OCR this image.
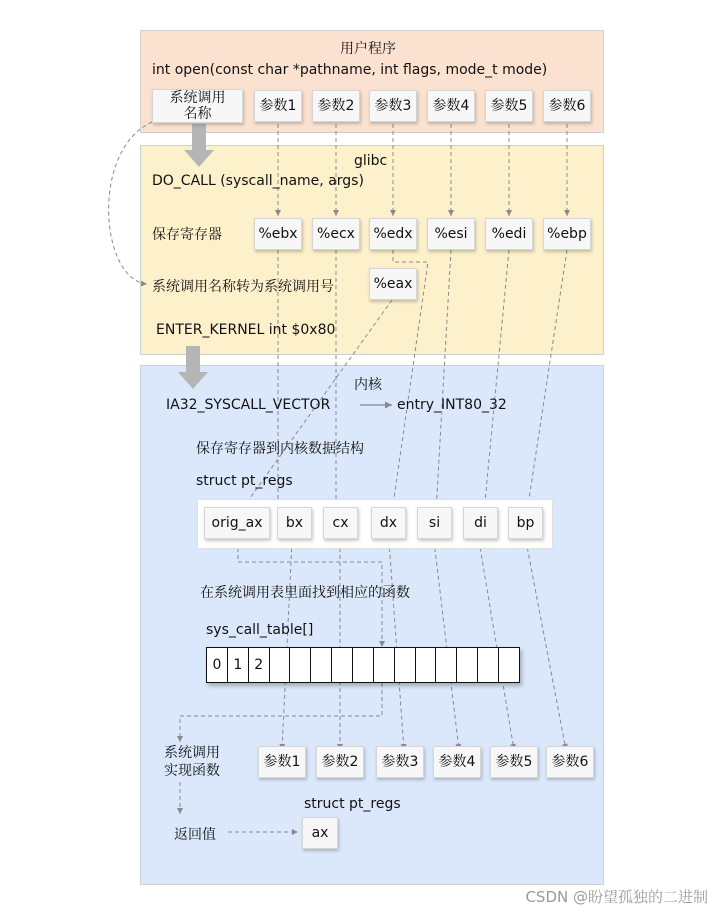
用户程序
int open(const char *pathname, int flags, mode_t mode)
系统调用
名称	参数1	参数2	参数3	参数4	参数5	参数6
glibc
DO_CALL (syscall_name, args)
保存寄存器	%ebx	%ecx	%edx	%esi	%edi	%ebp
系统调用名称转为系统调用号	%eax
ENTER_KERNEL int $0x80
内核
IA32_SYSCALL_VECTOR	entry_INT80_32
保存寄存器到内核数据结构
struct pt_regs
orig_ax	bx	cx	dx	si	di	bp
在系统调用表里面找到相应的函数
sys_call_table[]
0 1 2
系统调用
实现函数
参数1	参数2	参数3	参数4	参数5	参数6
struct pt_regs
返回值	ax
CSDN @盼望孤独的二进制
